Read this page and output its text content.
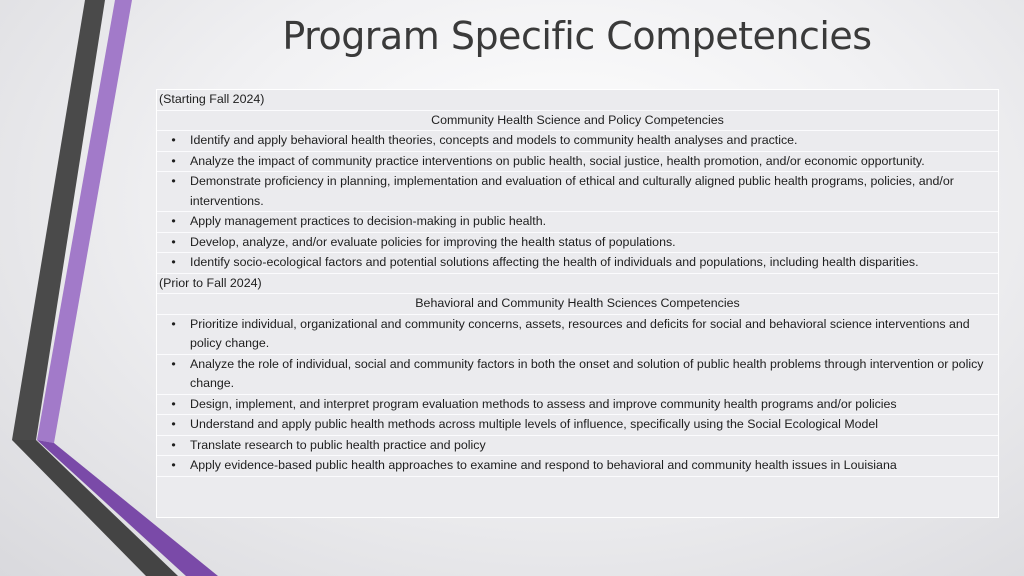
Program Specific Competencies
(Starting Fall 2024)
Community Health Science and Policy Competencies
•	Identify and apply behavioral health theories, concepts and models to community health analyses and practice.
•	Analyze the impact of community practice interventions on public health, social justice, health promotion, and/or economic opportunity.
•	Demonstrate proficiency in planning, implementation and evaluation of ethical and culturally aligned public health programs, policies, and/or interventions.
•	Apply management practices to decision-making in public health.
•	Develop, analyze, and/or evaluate policies for improving the health status of populations.
•	Identify socio-ecological factors and potential solutions affecting the health of individuals and populations, including health disparities.
(Prior to Fall 2024)
Behavioral and Community Health Sciences Competencies
•	Prioritize individual, organizational and community concerns, assets, resources and deficits for social and behavioral science interventions and policy change.
•	Analyze the role of individual, social and community factors in both the onset and solution of public health problems through intervention or policy change.
•	Design, implement, and interpret program evaluation methods to assess and improve community health programs and/or policies
•	Understand and apply public health methods across multiple levels of influence, specifically using the Social Ecological Model
•	Translate research to public health practice and policy
•	Apply evidence-based public health approaches to examine and respond to behavioral and community health issues in Louisiana
